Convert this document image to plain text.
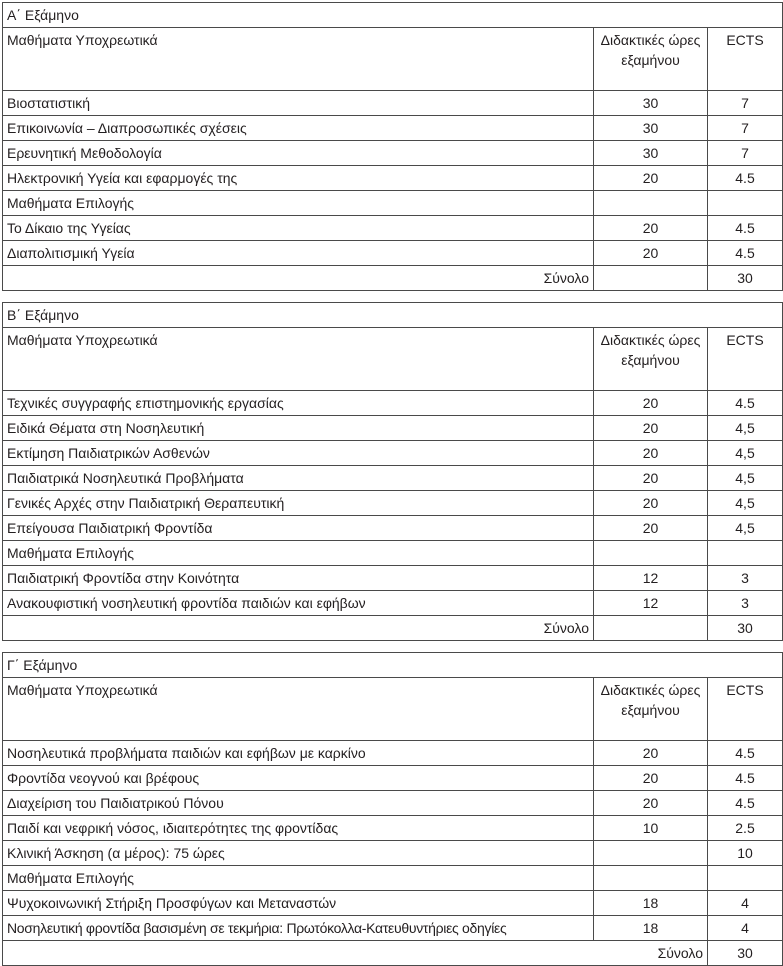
Α΄ Εξάμηνο		
Μαθήματα Υποχρεωτικά	Διδακτικές ώρες εξαμήνου	ECTS
Βιοστατιστική	30	7
Επικοινωνία – Διαπροσωπικές σχέσεις	30	7
Ερευνητική Μεθοδολογία	30	7
Ηλεκτρονική Υγεία και εφαρμογές της	20	4.5
Μαθήματα Επιλογής		
Το Δίκαιο της Υγείας	20	4.5
Διαπολιτισμική Υγεία	20	4.5
Σύνολο		30
Β΄ Εξάμηνο		
Μαθήματα Υποχρεωτικά	Διδακτικές ώρες εξαμήνου	ECTS
Τεχνικές συγγραφής επιστημονικής εργασίας	20	4.5
Ειδικά Θέματα στη Νοσηλευτική	20	4,5
Εκτίμηση Παιδιατρικών Ασθενών	20	4,5
Παιδιατρικά Νοσηλευτικά Προβλήματα	20	4,5
Γενικές Αρχές στην Παιδιατρική Θεραπευτική	20	4,5
Επείγουσα Παιδιατρική Φροντίδα	20	4,5
Μαθήματα Επιλογής		
Παιδιατρική Φροντίδα στην Κοινότητα	12	3
Ανακουφιστική νοσηλευτική φροντίδα παιδιών και εφήβων	12	3
Σύνολο		30
Γ΄ Εξάμηνο		
Μαθήματα Υποχρεωτικά	Διδακτικές ώρες εξαμήνου	ECTS
Νοσηλευτικά προβλήματα παιδιών και εφήβων με καρκίνο	20	4.5
Φροντίδα νεογνού και βρέφους	20	4.5
Διαχείριση του Παιδιατρικού Πόνου	20	4.5
Παιδί και νεφρική νόσος, ιδιαιτερότητες της φροντίδας	10	2.5
Κλινική Άσκηση (α μέρος): 75 ώρες		10
Μαθήματα Επιλογής		
Ψυχοκοινωνική Στήριξη Προσφύγων και Μεταναστών	18	4
Νοσηλευτική φροντίδα βασισμένη σε τεκμήρια: Πρωτόκολλα-Κατευθυντήριες οδηγίες	18	4
Σύνολο		30
